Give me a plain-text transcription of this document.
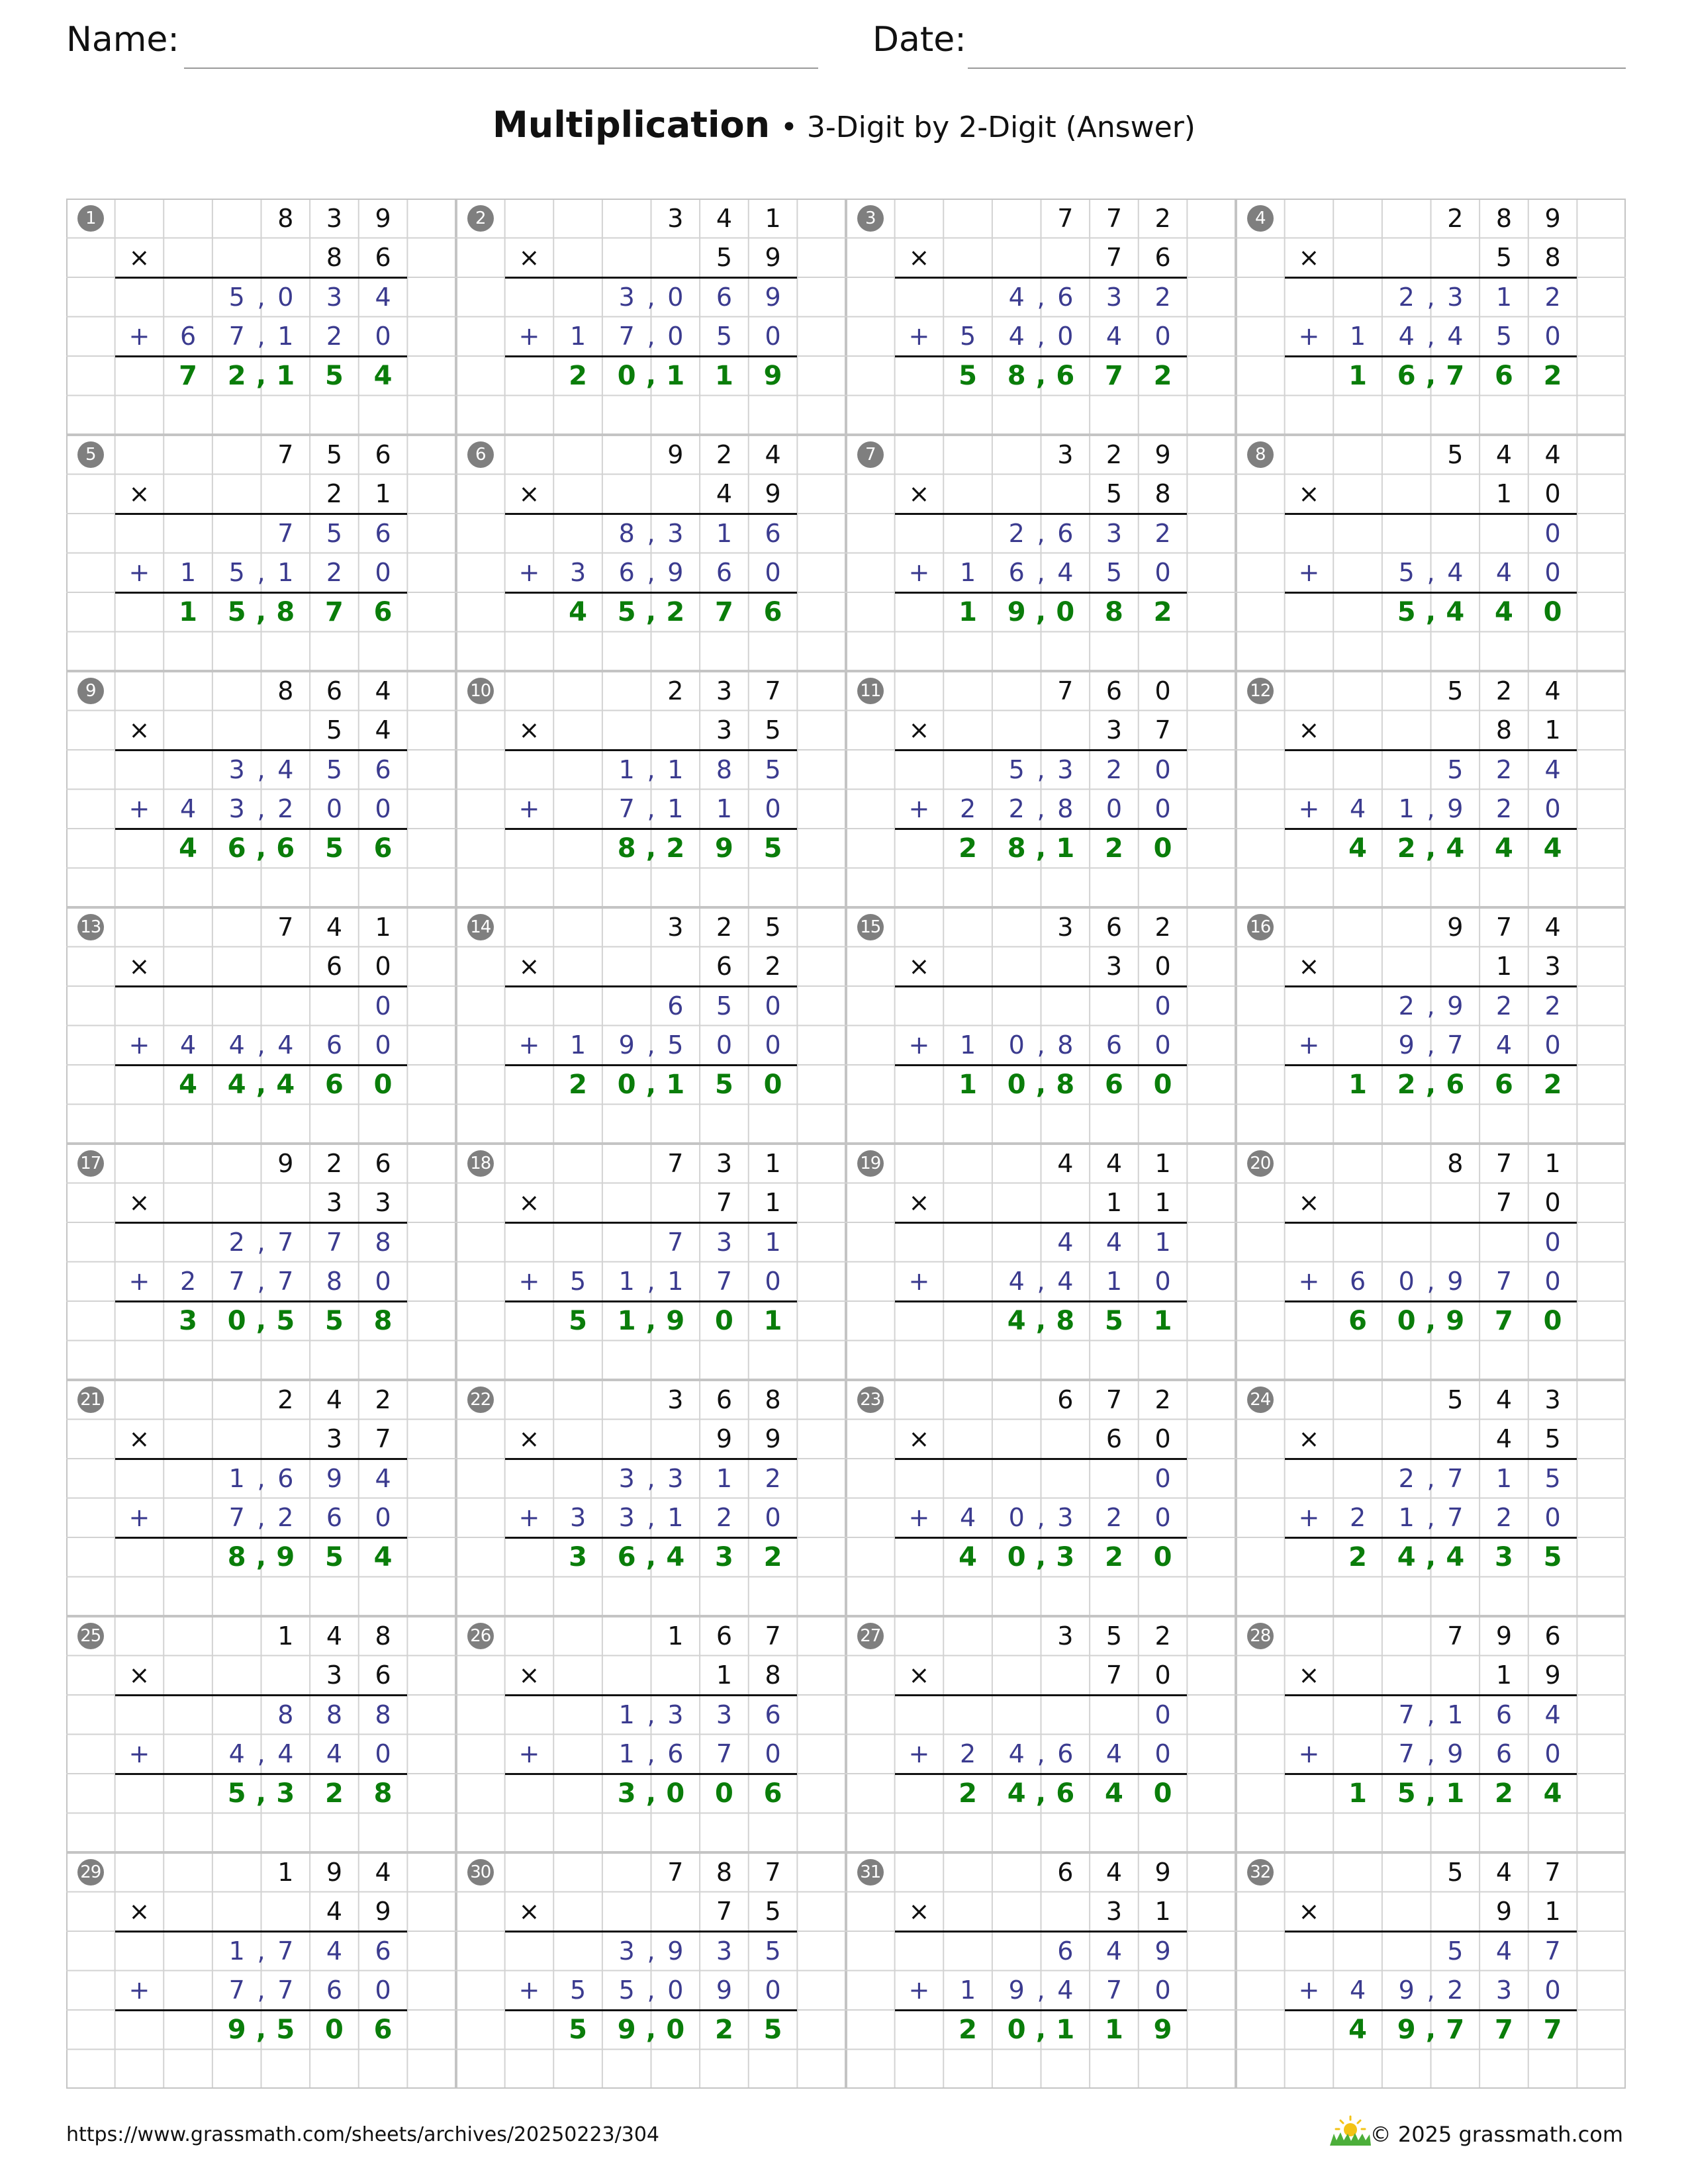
Name:	Date:
Multiplication • 3-Digit by 2-Digit (Answer)
1	8	3	9
×	8	6
5 , 0	3	4
+	6	7 , 1	2	0
7	2 , 1	5	4
2	3	4	1
×	5	9
3 , 0	6	9
+	1	7 , 0	5	0
2	0 , 1	1	9
3	7	7	2
×	7	6
4 , 6	3	2
+	5	4 , 0	4	0
5	8 , 6	7	2
4	2	8	9
×	5	8
2 , 3	1	2
+	1	4 , 4	5	0
1	6 , 7	6	2
5	7	5	6
×	2	1
7	5	6
+	1	5 , 1	2	0
1	5 , 8	7	6
6	9	2	4
×	4	9
8 , 3	1	6
+	3	6 , 9	6	0
4	5 , 2	7	6
7	3	2	9
×	5	8
2 , 6	3	2
+	1	6 , 4	5	0
1	9 , 0	8	2
8	5	4	4
×	1	0
0
+	5 , 4	4	0
5 , 4	4	0
9	8	6	4
×	5	4
3 , 4	5	6
+	4	3 , 2	0	0
4	6 , 6	5	6
10	2	3	7
×	3	5
1 , 1	8	5
+	7 , 1	1	0
8 , 2	9	5
11	7	6	0
×	3	7
5 , 3	2	0
+	2	2 , 8	0	0
2	8 , 1	2	0
12	5	2	4
×	8	1
5	2	4
+	4	1 , 9	2	0
4	2 , 4	4	4
13	7	4	1
×	6	0
0
+	4	4 , 4	6	0
4	4 , 4	6	0
14	3	2	5
×	6	2
6	5	0
+	1	9 , 5	0	0
2	0 , 1	5	0
15	3	6	2
×	3	0
0
+	1	0 , 8	6	0
1	0 , 8	6	0
16	9	7	4
×	1	3
2 , 9	2	2
+	9 , 7	4	0
1	2 , 6	6	2
17	9	2	6
×	3	3
2 , 7	7	8
+	2	7 , 7	8	0
3	0 , 5	5	8
18	7	3	1
×	7	1
7	3	1
+	5	1 , 1	7	0
5	1 , 9	0	1
19	4	4	1
×	1	1
4	4	1
+	4 , 4	1	0
4 , 8	5	1
20	8	7	1
×	7	0
0
+	6	0 , 9	7	0
6	0 , 9	7	0
21	2	4	2
×	3	7
1 , 6	9	4
+	7 , 2	6	0
8 , 9	5	4
22	3	6	8
×	9	9
3 , 3	1	2
+	3	3 , 1	2	0
3	6 , 4	3	2
23	6	7	2
×	6	0
0
+	4	0 , 3	2	0
4	0 , 3	2	0
24	5	4	3
×	4	5
2 , 7	1	5
+	2	1 , 7	2	0
2	4 , 4	3	5
25	1	4	8
×	3	6
8	8	8
+	4 , 4	4	0
5 , 3	2	8
26	1	6	7
×	1	8
1 , 3	3	6
+	1 , 6	7	0
3 , 0	0	6
27	3	5	2
×	7	0
0
+	2	4 , 6	4	0
2	4 , 6	4	0
28	7	9	6
×	1	9
7 , 1	6	4
+	7 , 9	6	0
1	5 , 1	2	4
29	1	9	4
×	4	9
1 , 7	4	6
+	7 , 7	6	0
9 , 5	0	6
30	7	8	7
×	7	5
3 , 9	3	5
+	5	5 , 0	9	0
5	9 , 0	2	5
31	6	4	9
×	3	1
6	4	9
+	1	9 , 4	7	0
2	0 , 1	1	9
32	5	4	7
×	9	1
5	4	7
+	4	9 , 2	3	0
4	9 , 7	7	7
https://www.grassmath.com/sheets/archives/20250223/304	© 2025 grassmath.com
